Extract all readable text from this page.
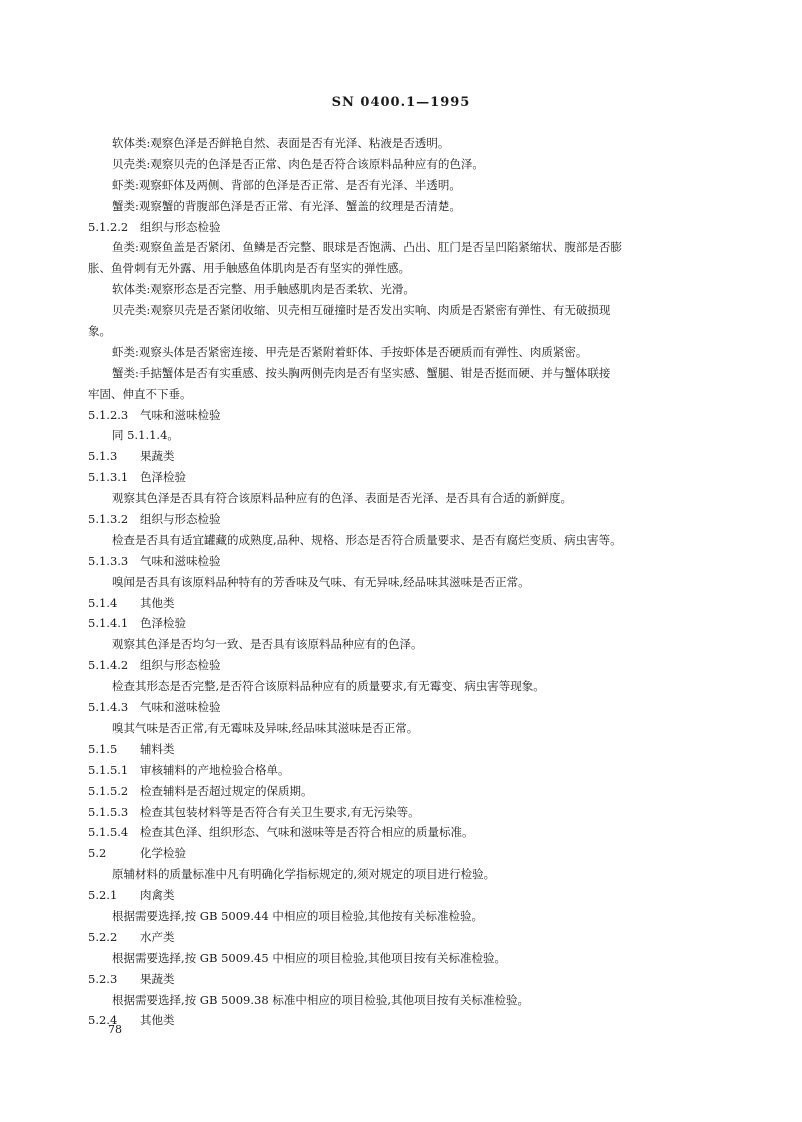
SN 0400.1—1995
软体类:观察色泽是否鲜艳自然、表面是否有光泽、粘液是否透明。
贝壳类:观察贝壳的色泽是否正常、肉色是否符合该原料品种应有的色泽。
虾类:观察虾体及两侧、背部的色泽是否正常、是否有光泽、半透明。
蟹类:观察蟹的背腹部色泽是否正常、有光泽、蟹盖的纹理是否清楚。
5.1.2.2 组织与形态检验
鱼类:观察鱼盖是否紧闭、鱼鳞是否完整、眼球是否饱满、凸出、肛门是否呈凹陷紧缩状、腹部是否膨
胀、鱼骨刺有无外露、用手触感鱼体肌肉是否有坚实的弹性感。
软体类:观察形态是否完整、用手触感肌肉是否柔软、光滑。
贝壳类:观察贝壳是否紧闭收缩、贝壳相互碰撞时是否发出实响、肉质是否紧密有弹性、有无破损现
象。
虾类:观察头体是否紧密连接、甲壳是否紧附着虾体、手按虾体是否硬质而有弹性、肉质紧密。
蟹类:手掂蟹体是否有实重感、按头胸两侧壳肉是否有坚实感、蟹腿、钳是否挺而硬、并与蟹体联接
牢固、伸直不下垂。
5.1.2.3 气味和滋味检验
同 5.1.1.4。
5.1.3 果蔬类
5.1.3.1 色泽检验
观察其色泽是否具有符合该原料品种应有的色泽、表面是否光泽、是否具有合适的新鲜度。
5.1.3.2 组织与形态检验
检查是否具有适宜罐藏的成熟度,品种、规格、形态是否符合质量要求、是否有腐烂变质、病虫害等。
5.1.3.3 气味和滋味检验
嗅闻是否具有该原料品种特有的芳香味及气味、有无异味,经品味其滋味是否正常。
5.1.4 其他类
5.1.4.1 色泽检验
观察其色泽是否均匀一致、是否具有该原料品种应有的色泽。
5.1.4.2 组织与形态检验
检查其形态是否完整,是否符合该原料品种应有的质量要求,有无霉变、病虫害等现象。
5.1.4.3 气味和滋味检验
嗅其气味是否正常,有无霉味及异味,经品味其滋味是否正常。
5.1.5 辅料类
5.1.5.1 审核辅料的产地检验合格单。
5.1.5.2 检查辅料是否超过规定的保质期。
5.1.5.3 检查其包装材料等是否符合有关卫生要求,有无污染等。
5.1.5.4 检查其色泽、组织形态、气味和滋味等是否符合相应的质量标准。
5.2	化学检验
原辅材料的质量标准中凡有明确化学指标规定的,须对规定的项目进行检验。
5.2.1 肉禽类
根据需要选择,按 GB 5009.44 中相应的项目检验,其他按有关标准检验。
5.2.2 水产类
根据需要选择,按 GB 5009.45 中相应的项目检验,其他项目按有关标准检验。
5.2.3 果蔬类
根据需要选择,按 GB 5009.38 标准中相应的项目检验,其他项目按有关标准检验。
5.2.4 其他类
78
